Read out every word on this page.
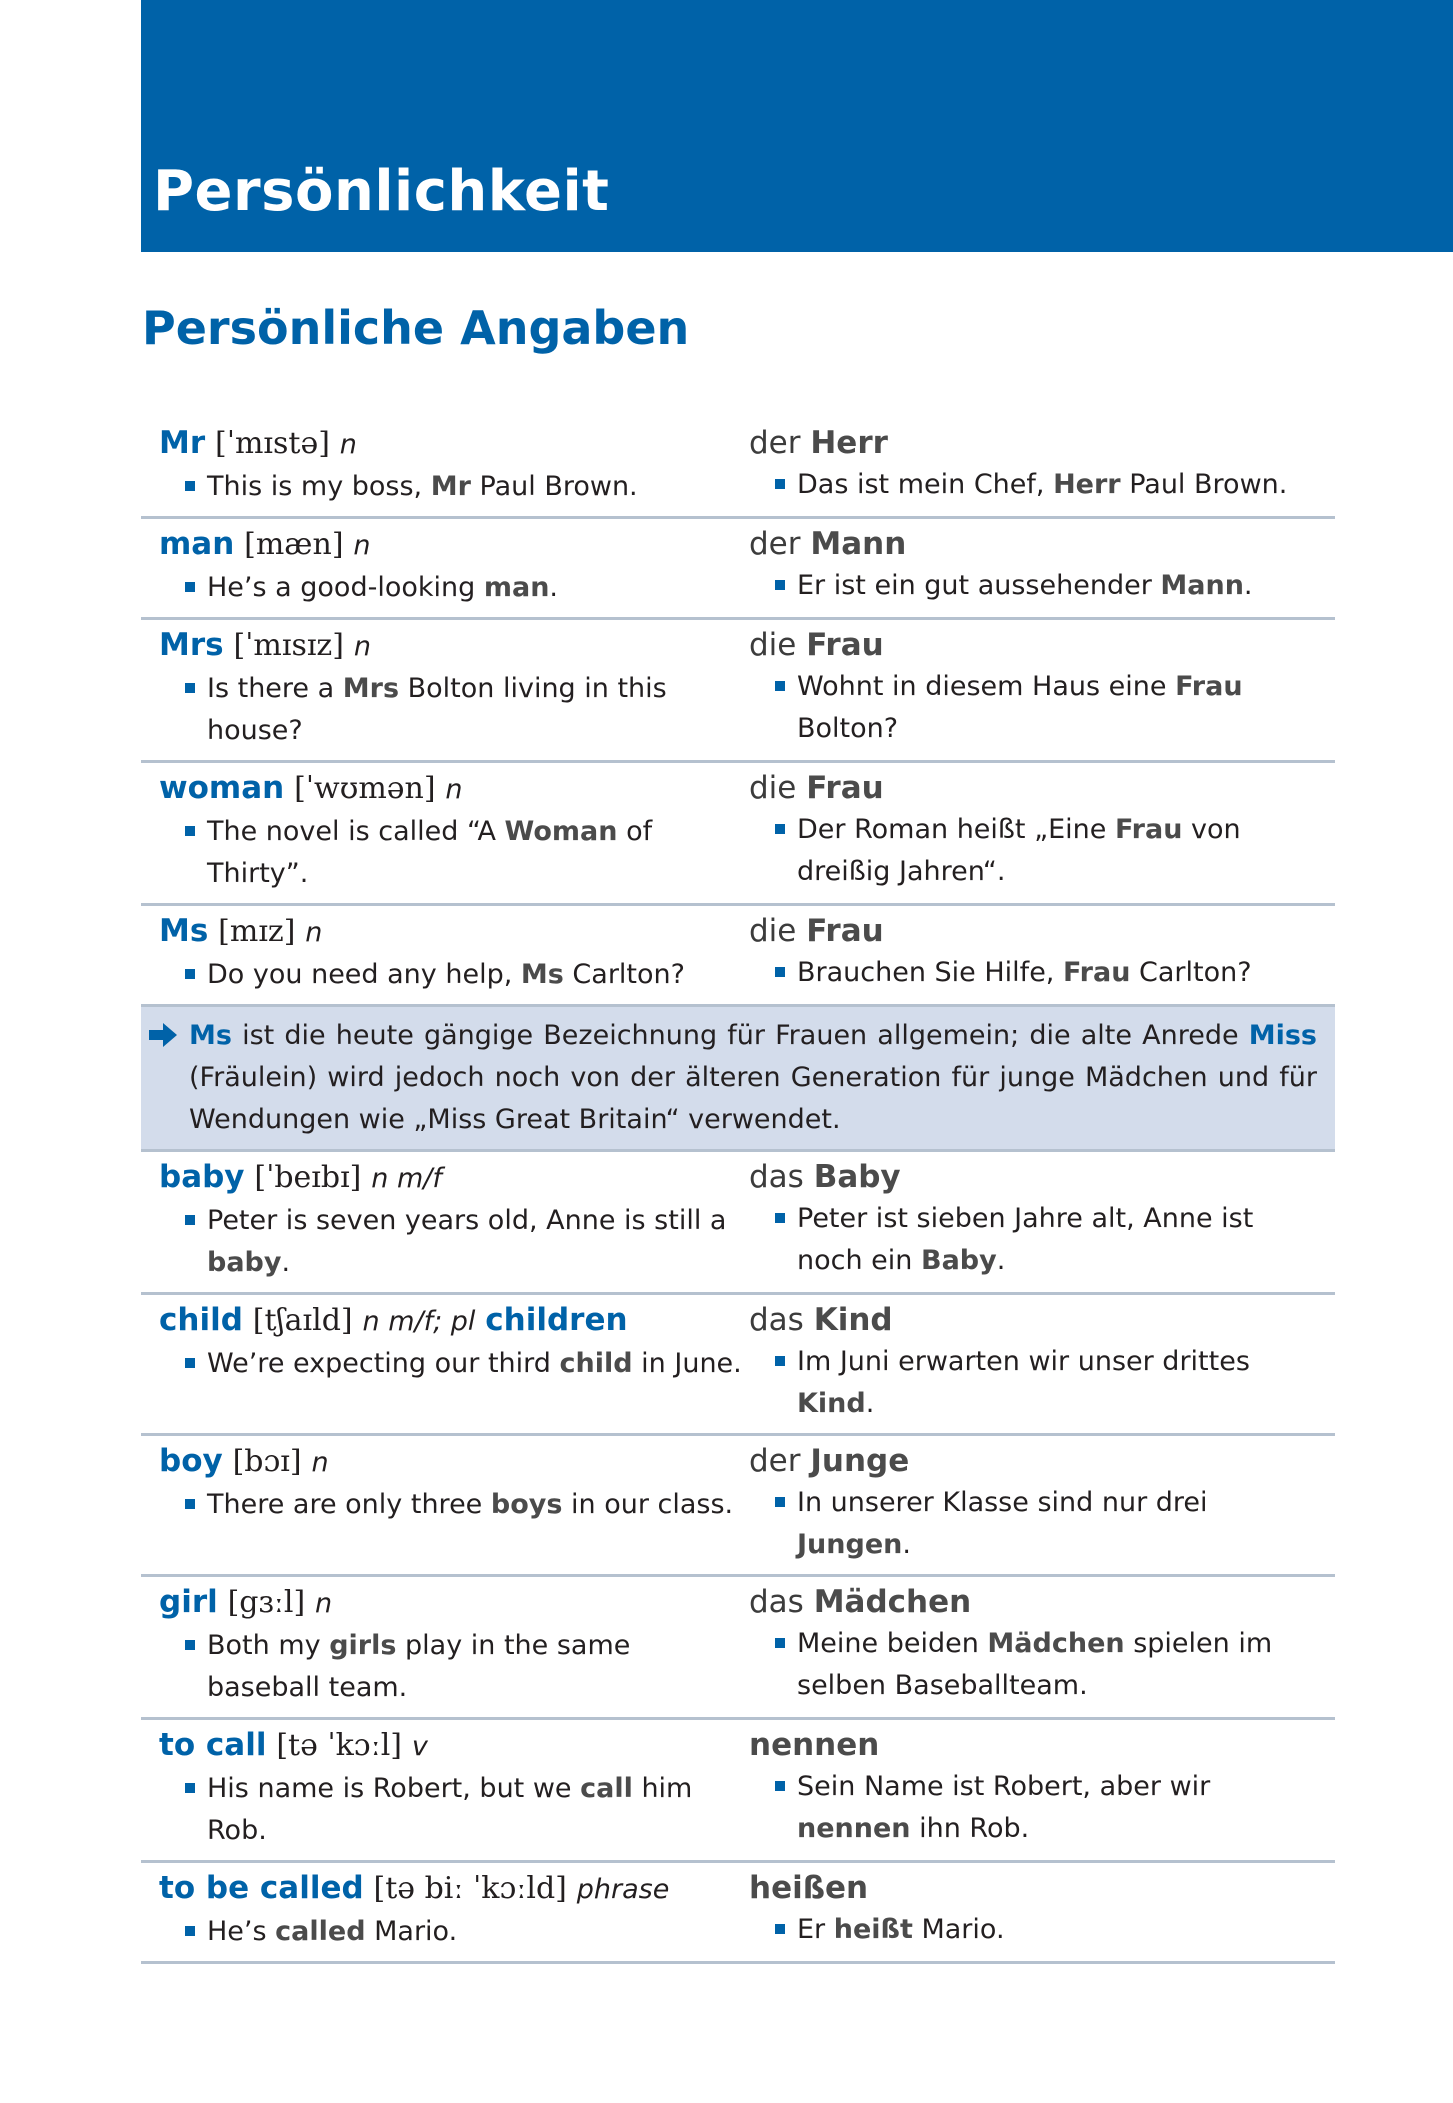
Persönlichkeit
Persönliche Angaben
Mr [ˈmɪstə] n
This is my boss, Mr Paul Brown.
der Herr
Das ist mein Chef, Herr Paul Brown.
man [mæn] n
He’s a good-looking man.
der Mann
Er ist ein gut aussehender Mann.
Mrs [ˈmɪsɪz] n
Is there a Mrs Bolton living in this house?
die Frau
Wohnt in diesem Haus eine Frau Bolton?
woman [ˈwʊmən] n
The novel is called “A Woman of Thirty”.
die Frau
Der Roman heißt „Eine Frau von dreißig Jahren“.
Ms [mɪz] n
Do you need any help, Ms Carlton?
die Frau
Brauchen Sie Hilfe, Frau Carlton?
Ms ist die heute gängige Bezeichnung für Frauen allgemein; die alte Anrede Miss (Fräulein) wird jedoch noch von der älteren Generation für junge Mädchen und für Wendungen wie „Miss Great Britain“ verwendet.
baby [ˈbeɪbɪ] n m/f
Peter is seven years old, Anne is still a baby.
das Baby
Peter ist sieben Jahre alt, Anne ist noch ein Baby.
child [tʃaɪld] n m/f; pl children
We’re expecting our third child in June.
das Kind
Im Juni erwarten wir unser drittes Kind.
boy [bɔɪ] n
There are only three boys in our class.
der Junge
In unserer Klasse sind nur drei Jungen.
girl [gɜːl] n
Both my girls play in the same baseball team.
das Mädchen
Meine beiden Mädchen spielen im selben Baseballteam.
to call [tə ˈkɔːl] v
His name is Robert, but we call him Rob.
nennen
Sein Name ist Robert, aber wir nennen ihn Rob.
to be called [tə biː ˈkɔːld] phrase
He’s called Mario.
heißen
Er heißt Mario.
